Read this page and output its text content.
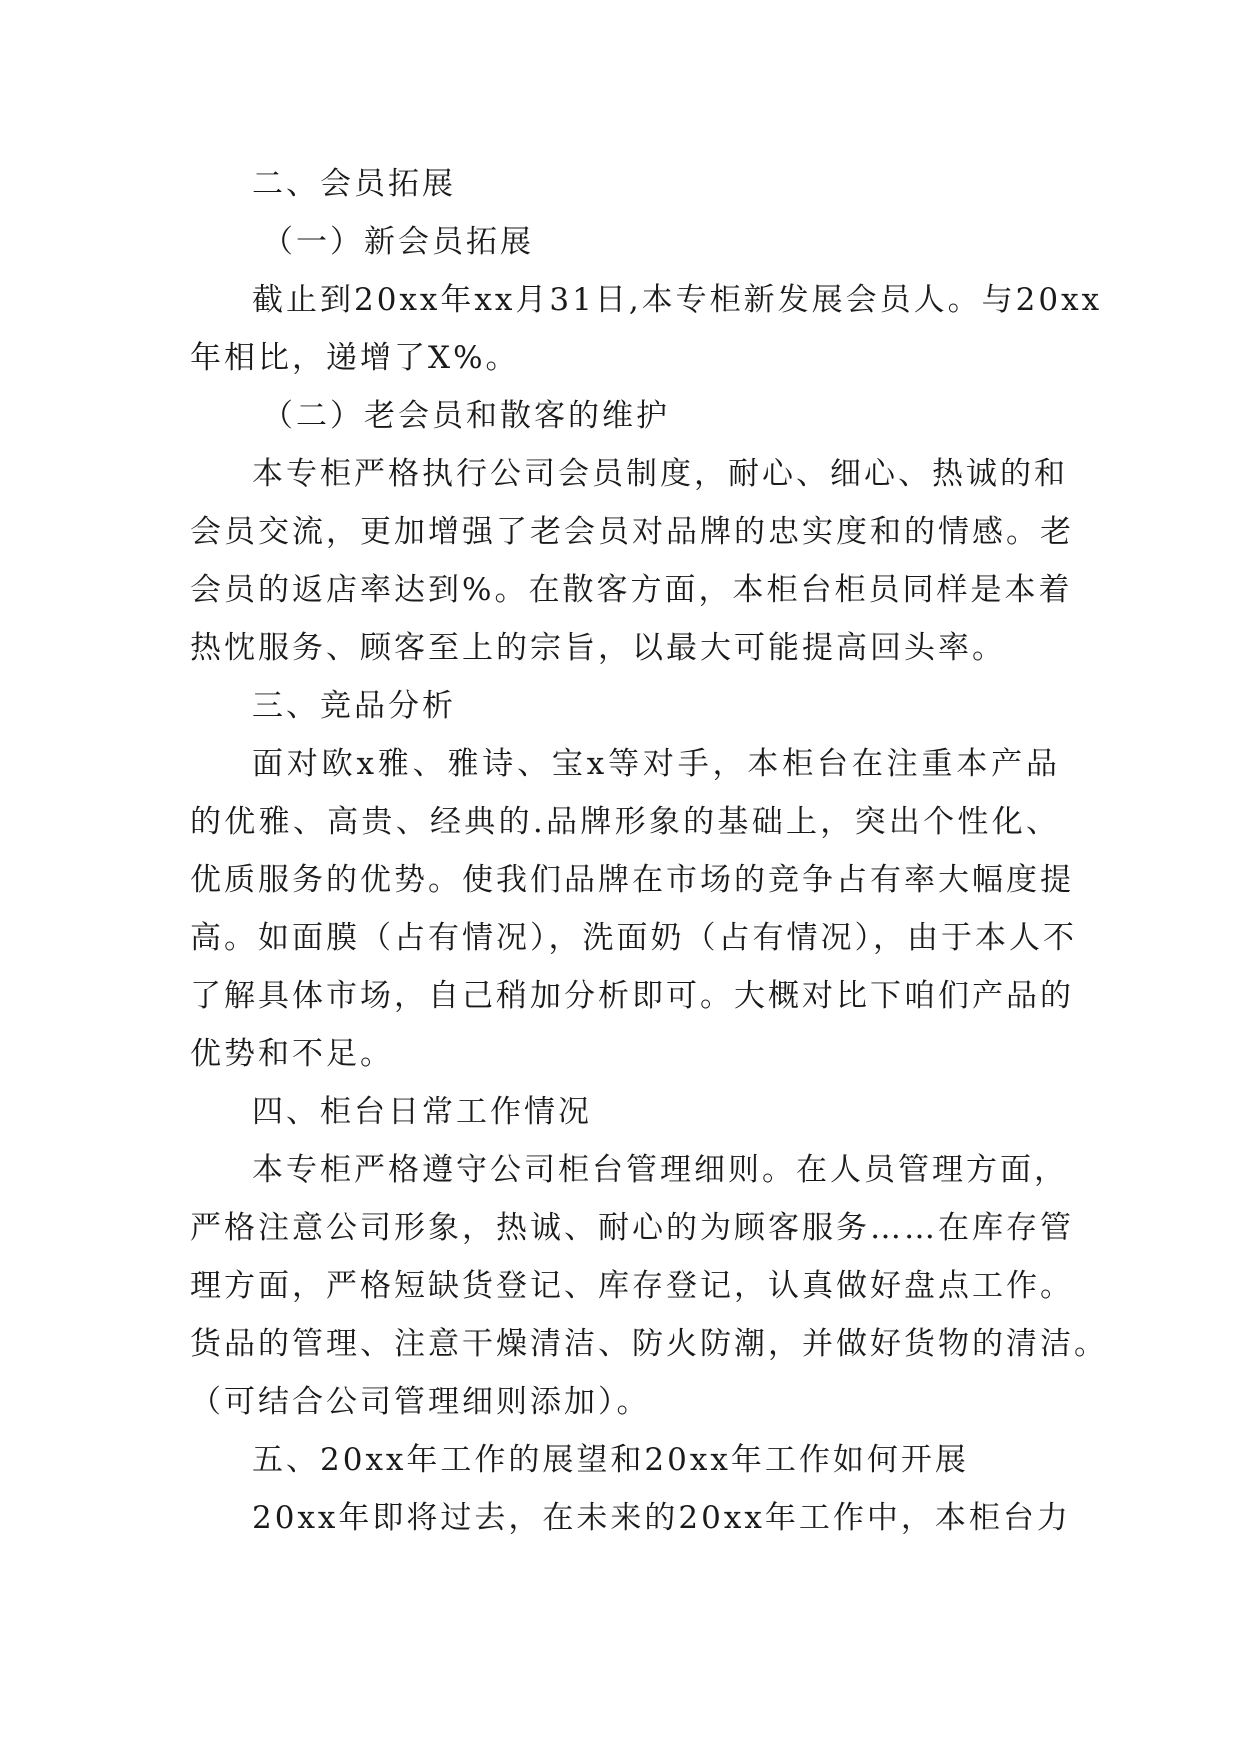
二、会员拓展
（一）新会员拓展
截止到20xx年xx月31日,本专柜新发展会员人。与20xx
年相比，递增了X%。
（二）老会员和散客的维护
本专柜严格执行公司会员制度，耐心、细心、热诚的和
会员交流，更加增强了老会员对品牌的忠实度和的情感。老
会员的返店率达到%。在散客方面，本柜台柜员同样是本着
热忱服务、顾客至上的宗旨，以最大可能提高回头率。
三、竞品分析
面对欧x雅、雅诗、宝x等对手，本柜台在注重本产品
的优雅、高贵、经典的.品牌形象的基础上，突出个性化、
优质服务的优势。使我们品牌在市场的竞争占有率大幅度提
高。如面膜（占有情况），洗面奶（占有情况），由于本人不
了解具体市场，自己稍加分析即可。大概对比下咱们产品的
优势和不足。
四、柜台日常工作情况
本专柜严格遵守公司柜台管理细则。在人员管理方面，
严格注意公司形象，热诚、耐心的为顾客服务……在库存管
理方面，严格短缺货登记、库存登记，认真做好盘点工作。
货品的管理、注意干燥清洁、防火防潮，并做好货物的清洁。
（可结合公司管理细则添加）。
五、20xx年工作的展望和20xx年工作如何开展
20xx年即将过去，在未来的20xx年工作中，本柜台力
